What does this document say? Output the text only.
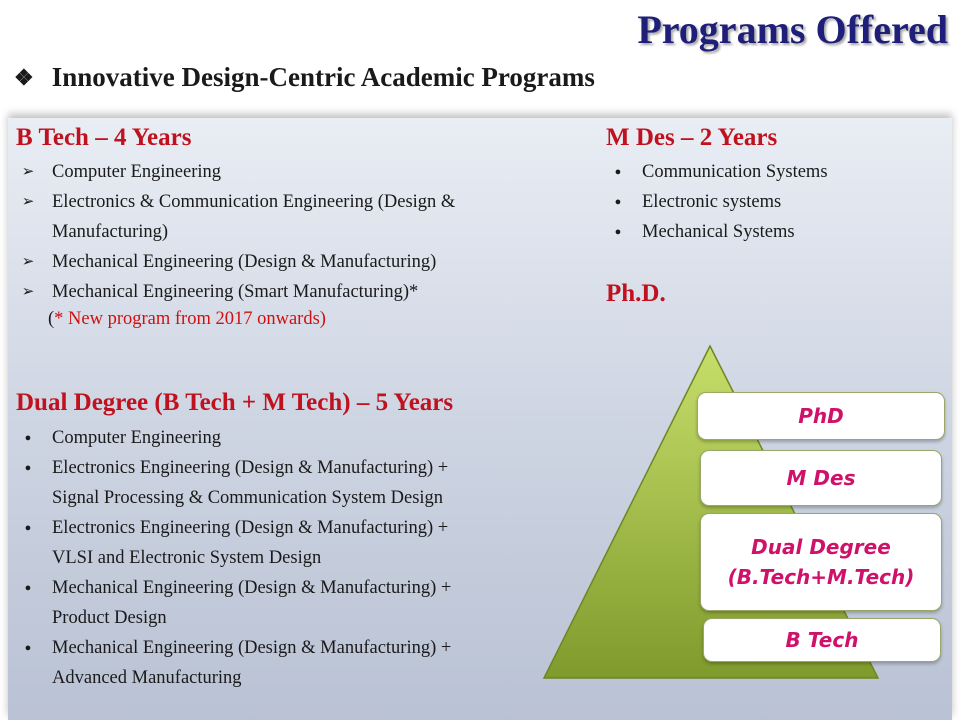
Programs Offered
❖ Innovative Design-Centric Academic Programs
B Tech – 4 Years
➢ Computer Engineering
➢ Electronics & Communication Engineering (Design &
Manufacturing)
➢ Mechanical Engineering (Design & Manufacturing)
➢ Mechanical Engineering (Smart Manufacturing)*
(* New program from 2017 onwards)
Dual Degree (B Tech + M Tech) – 5 Years
●	Computer Engineering
●	Electronics Engineering (Design & Manufacturing) +
Signal Processing & Communication System Design
●	Electronics Engineering (Design & Manufacturing) +
VLSI and Electronic System Design
●	Mechanical Engineering (Design & Manufacturing) +
Product Design
●	Mechanical Engineering (Design & Manufacturing) +
Advanced Manufacturing
M Des – 2 Years
●	Communication Systems
●	Electronic systems
●	Mechanical Systems
Ph.D.
PhD
M Des
Dual Degree
(B.Tech+M.Tech)
B Tech
